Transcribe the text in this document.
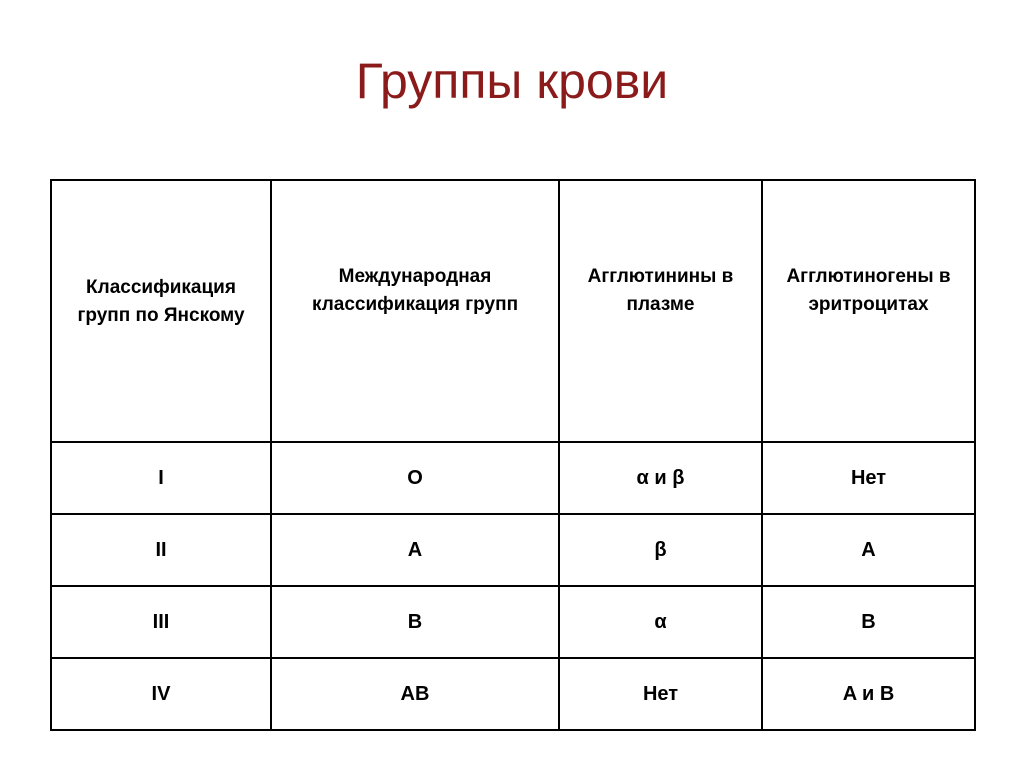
Группы крови
Классификация групп по Янскому	Международная классификация групп	Агглютинины в плазме	Агглютиногены в эритроцитах
I	O	α и β	Нет
II	A	β	A
III	B	α	B
IV	AB	Нет	A и B
